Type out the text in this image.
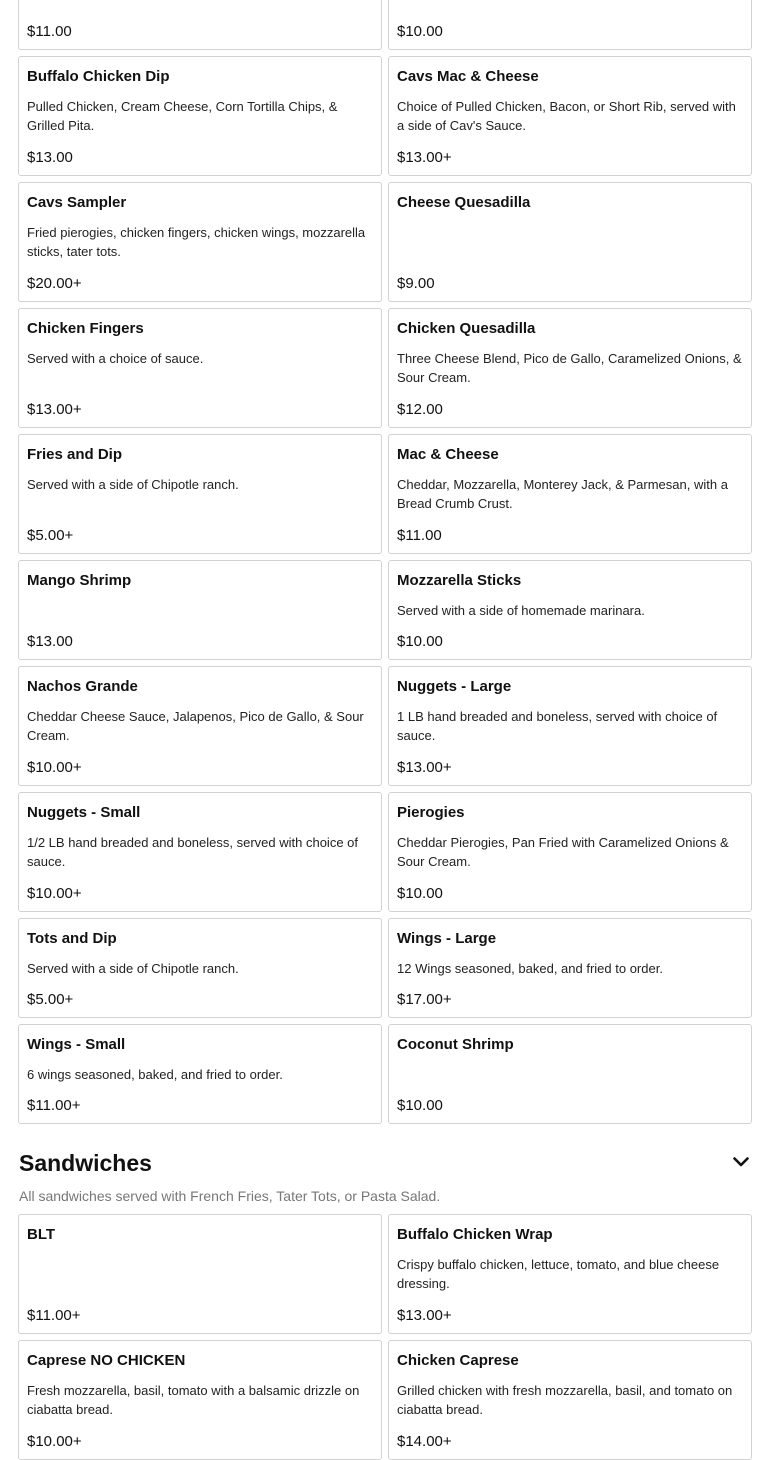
$11.00	$10.00
Buffalo Chicken Dip
Pulled Chicken, Cream Cheese, Corn Tortilla Chips, & Grilled Pita.
$13.00
Cavs Mac & Cheese
Choice of Pulled Chicken, Bacon, or Short Rib, served with a side of Cav's Sauce.
$13.00+
Cavs Sampler
Fried pierogies, chicken fingers, chicken wings, mozzarella sticks, tater tots.
$20.00+
Cheese Quesadilla
$9.00
Chicken Fingers
Served with a choice of sauce.
$13.00+
Chicken Quesadilla
Three Cheese Blend, Pico de Gallo, Caramelized Onions, & Sour Cream.
$12.00
Fries and Dip
Served with a side of Chipotle ranch.
$5.00+
Mac & Cheese
Cheddar, Mozzarella, Monterey Jack, & Parmesan, with a Bread Crumb Crust.
$11.00
Mango Shrimp
$13.00
Mozzarella Sticks
Served with a side of homemade marinara.
$10.00
Nachos Grande
Cheddar Cheese Sauce, Jalapenos, Pico de Gallo, & Sour Cream.
$10.00+
Nuggets - Large
1 LB hand breaded and boneless, served with choice of sauce.
$13.00+
Nuggets - Small
1/2 LB hand breaded and boneless, served with choice of sauce.
$10.00+
Pierogies
Cheddar Pierogies, Pan Fried with Caramelized Onions & Sour Cream.
$10.00
Tots and Dip
Served with a side of Chipotle ranch.
$5.00+
Wings - Large
12 Wings seasoned, baked, and fried to order.
$17.00+
Wings - Small
6 wings seasoned, baked, and fried to order.
$11.00+
Coconut Shrimp
$10.00
Sandwiches
All sandwiches served with French Fries, Tater Tots, or Pasta Salad.
BLT
$11.00+
Buffalo Chicken Wrap
Crispy buffalo chicken, lettuce, tomato, and blue cheese dressing.
$13.00+
Caprese NO CHICKEN
Fresh mozzarella, basil, tomato with a balsamic drizzle on ciabatta bread.
$10.00+
Chicken Caprese
Grilled chicken with fresh mozzarella, basil, and tomato on ciabatta bread.
$14.00+
